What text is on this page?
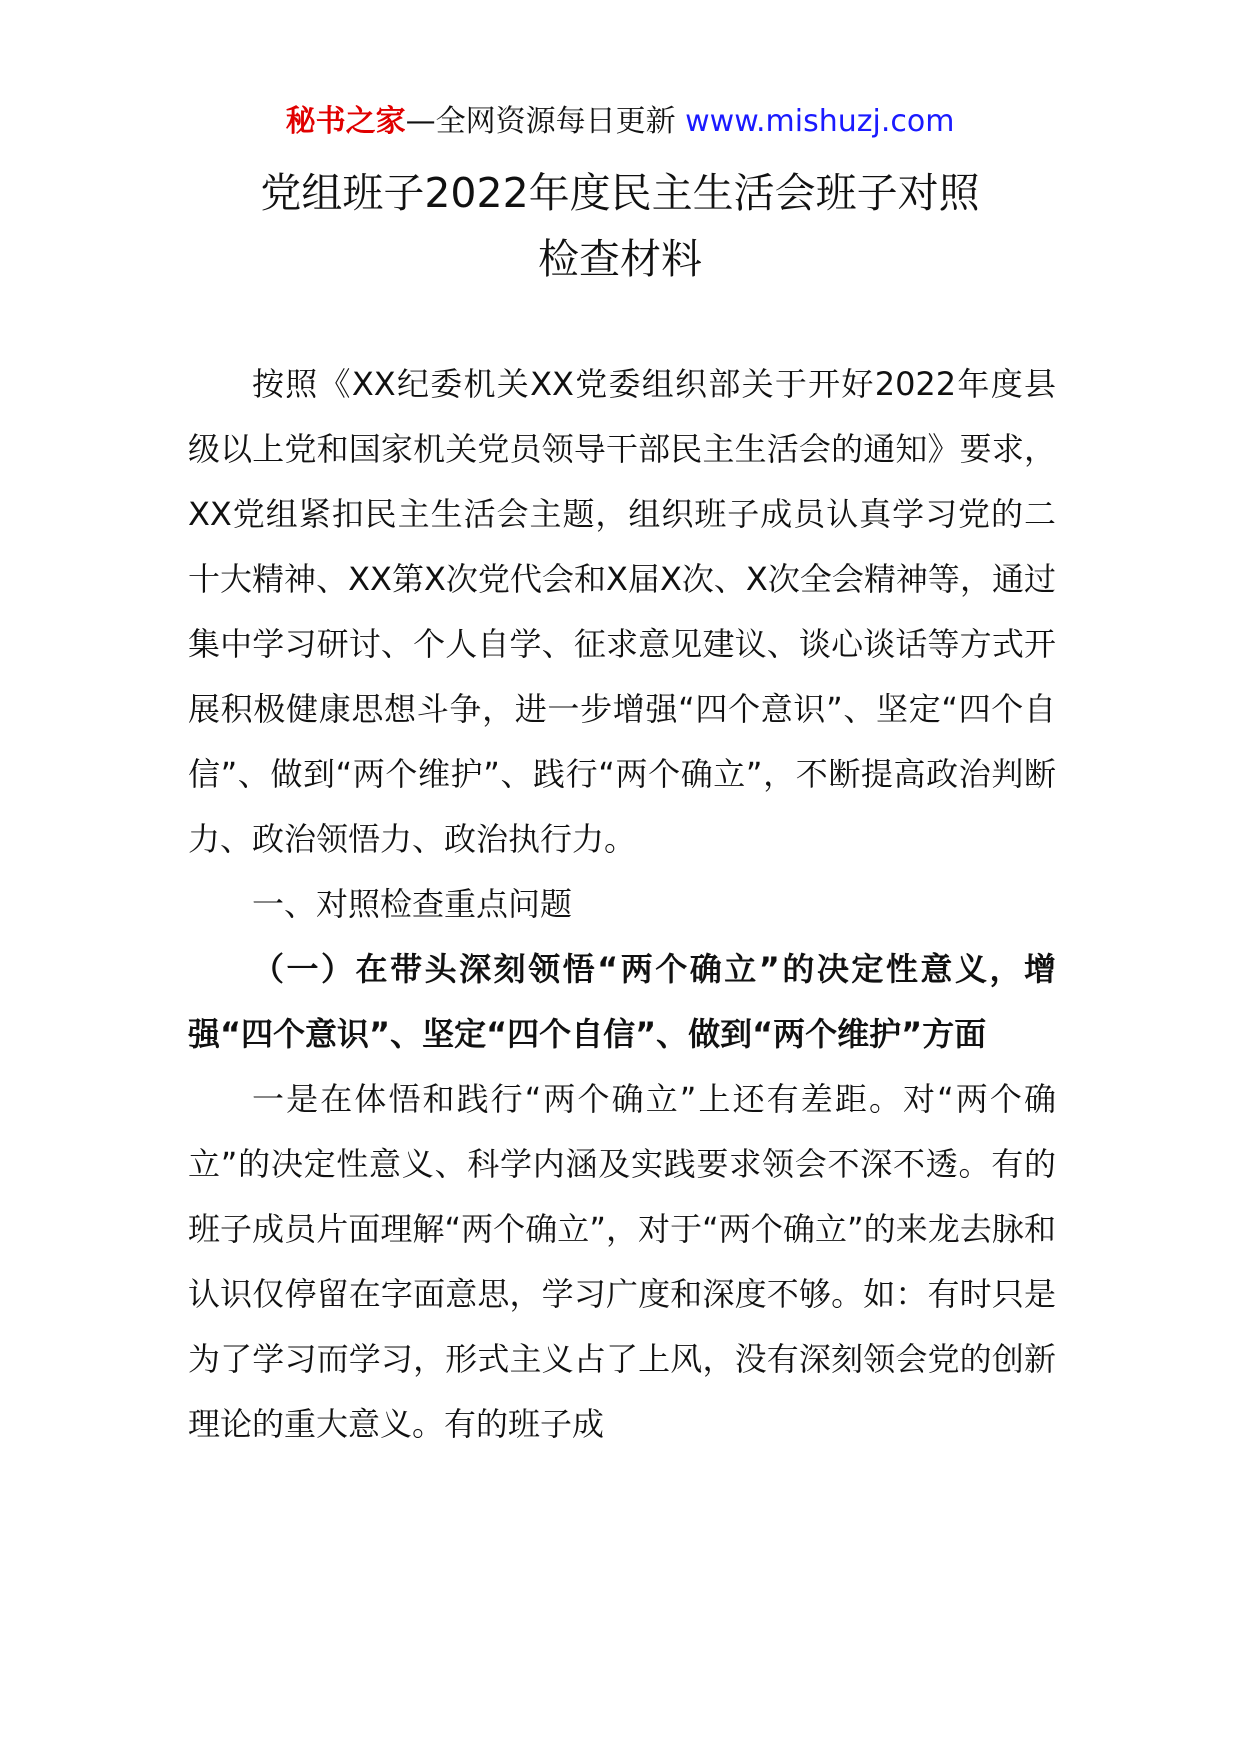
秘书之家—全网资源每日更新 www.mishuzj.com
党组班子2022年度民主生活会班子对照
检查材料

按照《XX纪委机关XX党委组织部关于开好2022年度县级以上党和国家机关党员领导干部民主生活会的通知》要求，XX党组紧扣民主生活会主题，组织班子成员认真学习党的二十大精神、XX第X次党代会和X届X次、X次全会精神等，通过集中学习研讨、个人自学、征求意见建议、谈心谈话等方式开展积极健康思想斗争，进一步增强“四个意识”、坚定“四个自信”、做到“两个维护”、践行“两个确立”，不断提高政治判断力、政治领悟力、政治执行力。

一、对照检查重点问题

（一）在带头深刻领悟“两个确立”的决定性意义，增强“四个意识”、坚定“四个自信”、做到“两个维护”方面

一是在体悟和践行“两个确立”上还有差距。对“两个确立”的决定性意义、科学内涵及实践要求领会不深不透。有的班子成员片面理解“两个确立”，对于“两个确立”的来龙去脉和认识仅停留在字面意思，学习广度和深度不够。如：有时只是为了学习而学习，形式主义占了上风，没有深刻领会党的创新理论的重大意义。有的班子成
